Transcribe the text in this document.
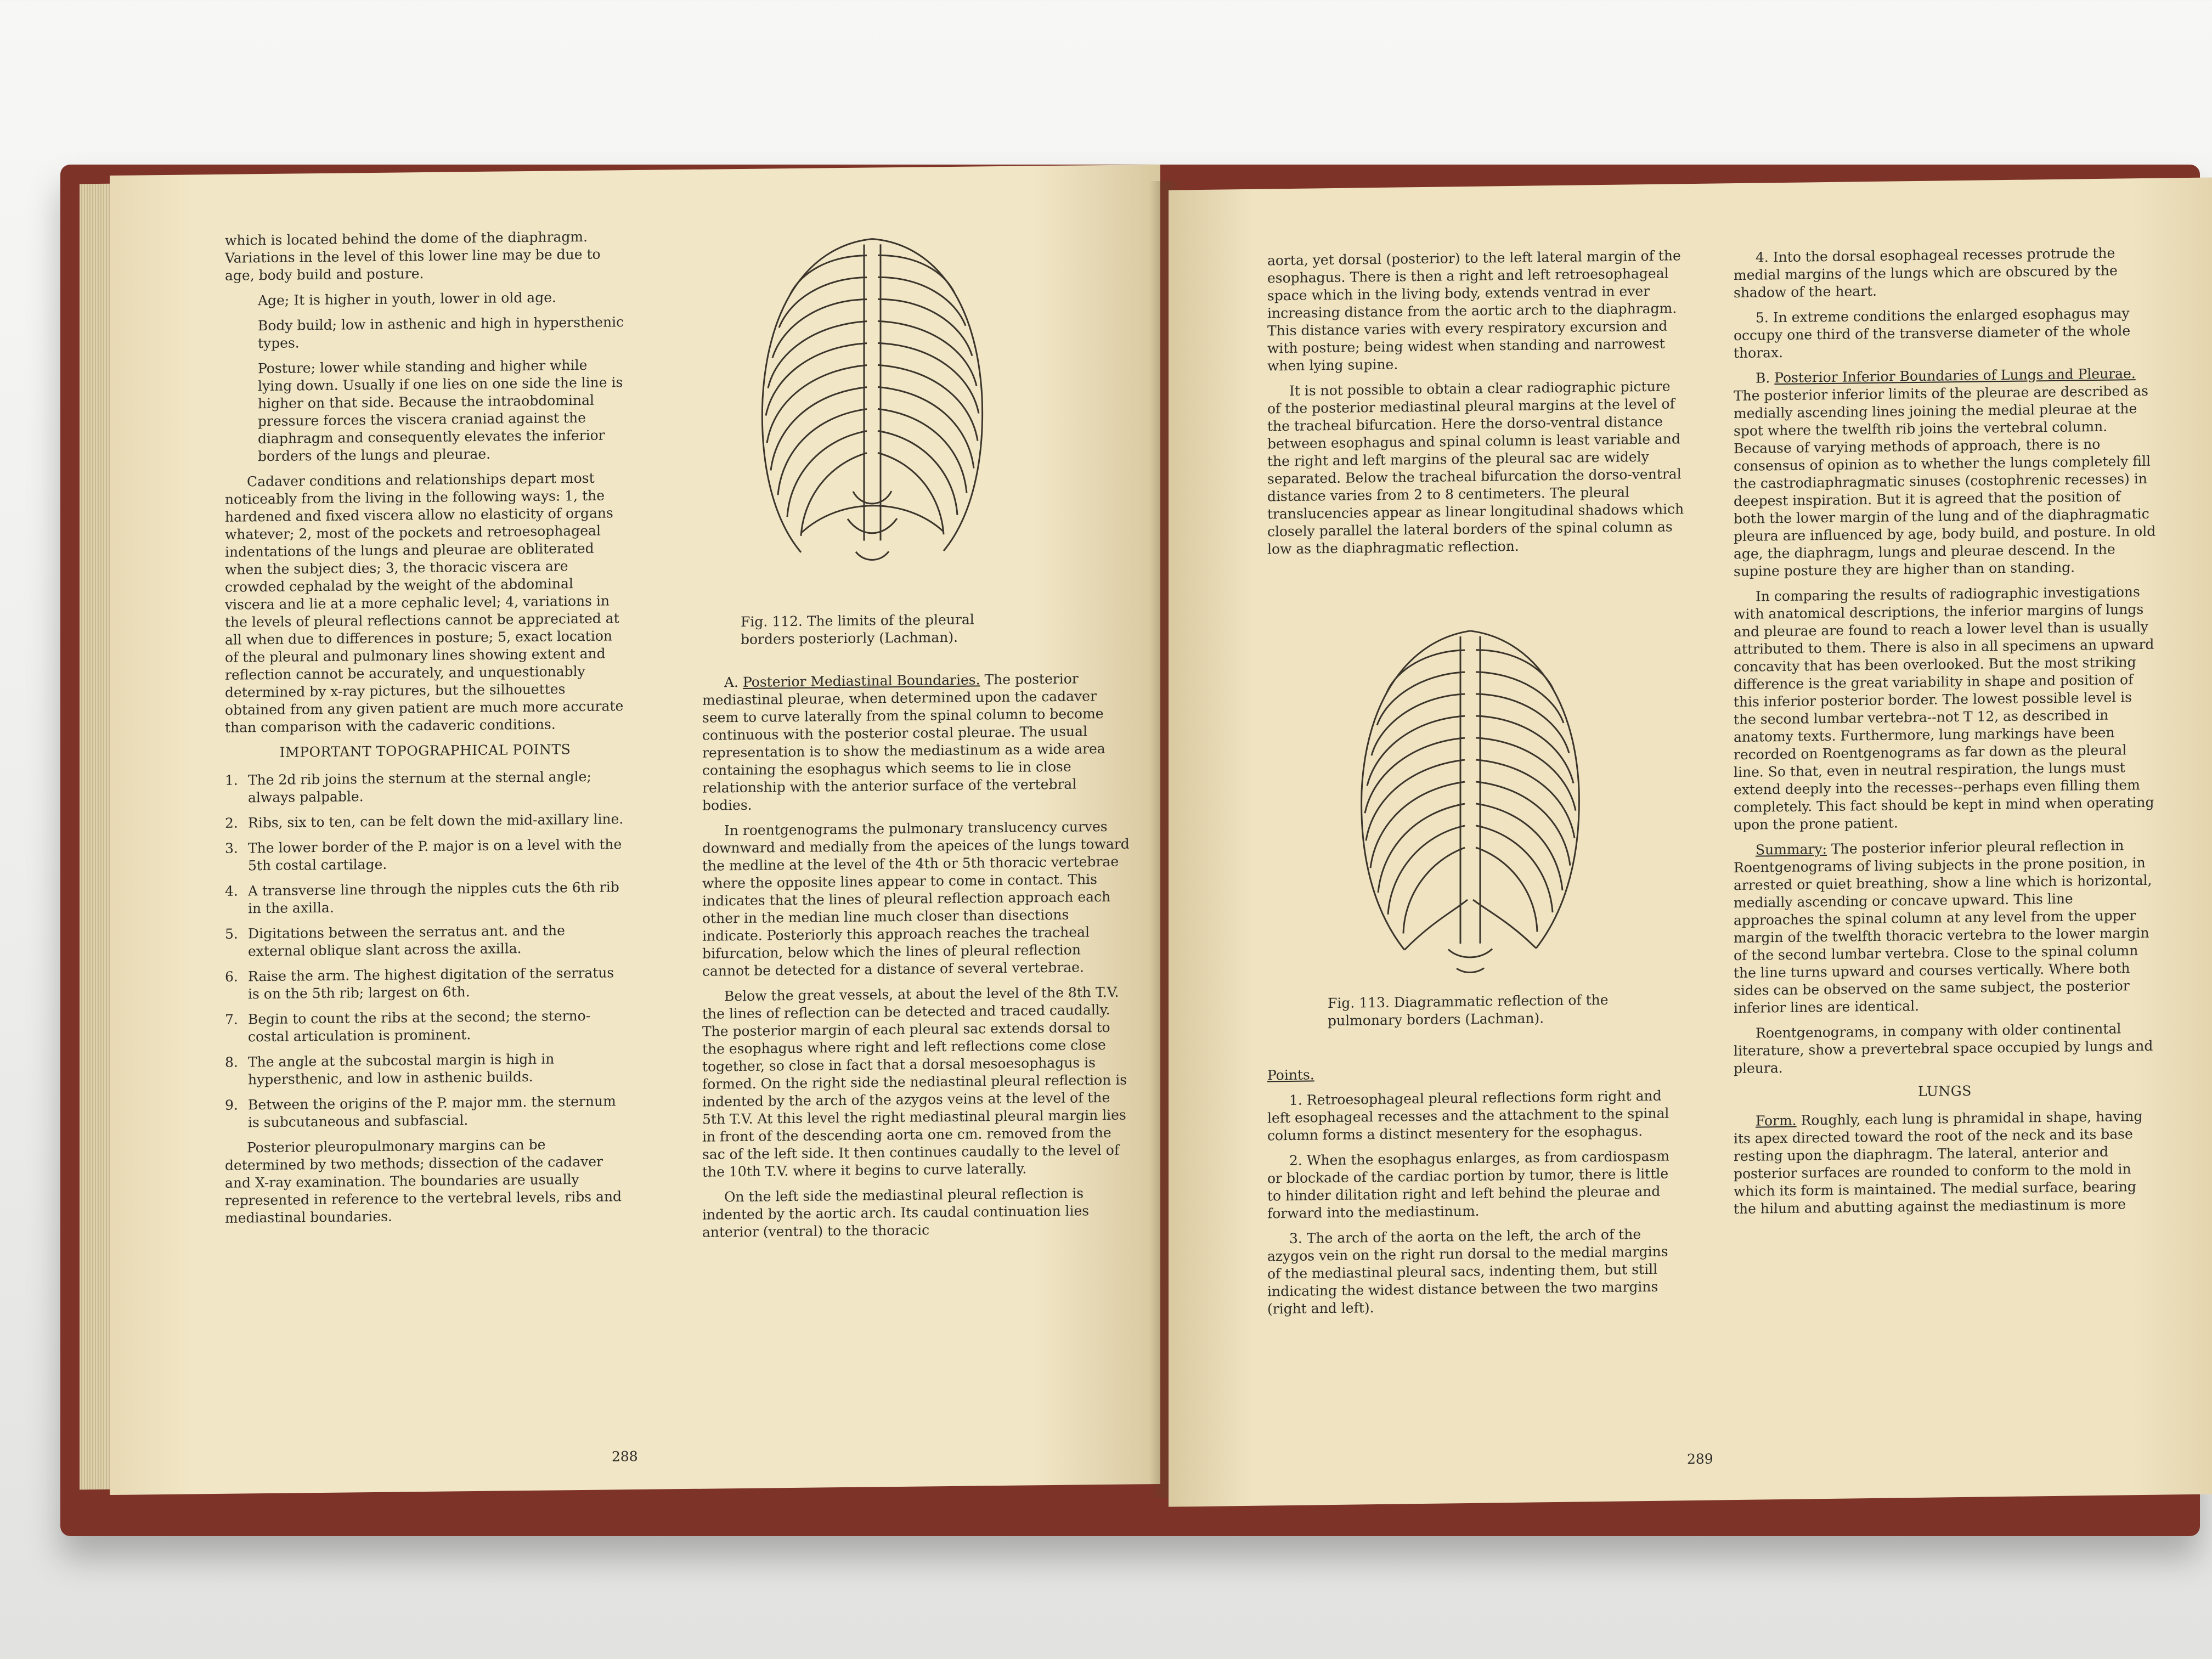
which is located behind the dome of the diaphragm. Variations in the level of this lower line may be due to age, body build and posture.

Age; It is higher in youth, lower in old age.

Body build; low in asthenic and high in hypersthenic types.

Posture; lower while standing and higher while lying down. Usually if one lies on one side the line is higher on that side. Because the intraobdominal pressure forces the viscera craniad against the diaphragm and consequently elevates the inferior borders of the lungs and pleurae.

Cadaver conditions and relationships depart most noticeably from the living in the following ways: 1, the hardened and fixed viscera allow no elasticity of organs whatever; 2, most of the pockets and retroesophageal indentations of the lungs and pleurae are obliterated when the subject dies; 3, the thoracic viscera are crowded cephalad by the weight of the abdominal viscera and lie at a more cephalic level; 4, variations in the levels of pleural reflections cannot be appreciated at all when due to differences in posture; 5, exact location of the pleural and pulmonary lines showing extent and reflection cannot be accurately, and unquestionably determined by x-ray pictures, but the silhouettes obtained from any given patient are much more accurate than comparison with the cadaveric conditions.

IMPORTANT TOPOGRAPHICAL POINTS
1. The 2d rib joins the sternum at the sternal angle; always palpable.
2. Ribs, six to ten, can be felt down the mid-axillary line.
3. The lower border of the P. major is on a level with the 5th costal cartilage.
4. A transverse line through the nipples cuts the 6th rib in the axilla.
5. Digitations between the serratus ant. and the external oblique slant across the axilla.
6. Raise the arm. The highest digitation of the serratus is on the 5th rib; largest on 6th.
7. Begin to count the ribs at the second; the sterno-costal articulation is prominent.
8. The angle at the subcostal margin is high in hypersthenic, and low in asthenic builds.
9. Between the origins of the P. major mm. the sternum is subcutaneous and subfascial.

Posterior pleuropulmonary margins can be determined by two methods; dissection of the cadaver and X-ray examination. The boundaries are usually represented in reference to the vertebral levels, ribs and mediastinal boundaries.

Fig. 112. The limits of the pleural borders posteriorly (Lachman).

A. Posterior Mediastinal Boundaries. The posterior mediastinal pleurae, when determined upon the cadaver seem to curve laterally from the spinal column to become continuous with the posterior costal pleurae. The usual representation is to show the mediastinum as a wide area containing the esophagus which seems to lie in close relationship with the anterior surface of the vertebral bodies.

In roentgenograms the pulmonary translucency curves downward and medially from the apeices of the lungs toward the medline at the level of the 4th or 5th thoracic vertebrae where the opposite lines appear to come in contact. This indicates that the lines of pleural reflection approach each other in the median line much closer than disections indicate. Posteriorly this approach reaches the tracheal bifurcation, below which the lines of pleural reflection cannot be detected for a distance of several vertebrae.

Below the great vessels, at about the level of the 8th T.V. the lines of reflection can be detected and traced caudally. The posterior margin of each pleural sac extends dorsal to the esophagus where right and left reflections come close together, so close in fact that a dorsal mesoesophagus is formed. On the right side the nediastinal pleural reflection is indented by the arch of the azygos veins at the level of the 5th T.V. At this level the right mediastinal pleural margin lies in front of the descending aorta one cm. removed from the sac of the left side. It then continues caudally to the level of the 10th T.V. where it begins to curve laterally.

On the left side the mediastinal pleural reflection is indented by the aortic arch. Its caudal continuation lies anterior (ventral) to the thoracic

288

aorta, yet dorsal (posterior) to the left lateral margin of the esophagus. There is then a right and left retroesophageal space which in the living body, extends ventrad in ever increasing distance from the aortic arch to the diaphragm. This distance varies with every respiratory excursion and with posture; being widest when standing and narrowest when lying supine.

It is not possible to obtain a clear radiographic picture of the posterior mediastinal pleural margins at the level of the tracheal bifurcation. Here the dorso-ventral distance between esophagus and spinal column is least variable and the right and left margins of the pleural sac are widely separated. Below the tracheal bifurcation the dorso-ventral distance varies from 2 to 8 centimeters. The pleural translucencies appear as linear longitudinal shadows which closely parallel the lateral borders of the spinal column as low as the diaphragmatic reflection.

Fig. 113. Diagrammatic reflection of the pulmonary borders (Lachman).

Points.

1. Retroesophageal pleural reflections form right and left esophageal recesses and the attachment to the spinal column forms a distinct mesentery for the esophagus.

2. When the esophagus enlarges, as from cardiospasm or blockade of the cardiac portion by tumor, there is little to hinder dilitation right and left behind the pleurae and forward into the mediastinum.

3. The arch of the aorta on the left, the arch of the azygos vein on the right run dorsal to the medial margins of the mediastinal pleural sacs, indenting them, but still indicating the widest distance between the two margins (right and left).

4. Into the dorsal esophageal recesses protrude the medial margins of the lungs which are obscured by the shadow of the heart.

5. In extreme conditions the enlarged esophagus may occupy one third of the transverse diameter of the whole thorax.

B. Posterior Inferior Boundaries of Lungs and Pleurae. The posterior inferior limits of the pleurae are described as medially ascending lines joining the medial pleurae at the spot where the twelfth rib joins the vertebral column. Because of varying methods of approach, there is no consensus of opinion as to whether the lungs completely fill the castrodiaphragmatic sinuses (costophrenic recesses) in deepest inspiration. But it is agreed that the position of both the lower margin of the lung and of the diaphragmatic pleura are influenced by age, body build, and posture. In old age, the diaphragm, lungs and pleurae descend. In the supine posture they are higher than on standing.

In comparing the results of radiographic investigations with anatomical descriptions, the inferior margins of lungs and pleurae are found to reach a lower level than is usually attributed to them. There is also in all specimens an upward concavity that has been overlooked. But the most striking difference is the great variability in shape and position of this inferior posterior border. The lowest possible level is the second lumbar vertebra--not T 12, as described in anatomy texts. Furthermore, lung markings have been recorded on Roentgenograms as far down as the pleural line. So that, even in neutral respiration, the lungs must extend deeply into the recesses--perhaps even filling them completely. This fact should be kept in mind when operating upon the prone patient.

Summary: The posterior inferior pleural reflection in Roentgenograms of living subjects in the prone position, in arrested or quiet breathing, show a line which is horizontal, medially ascending or concave upward. This line approaches the spinal column at any level from the upper margin of the twelfth thoracic vertebra to the lower margin of the second lumbar vertebra. Close to the spinal column the line turns upward and courses vertically. Where both sides can be observed on the same subject, the posterior inferior lines are identical.

Roentgenograms, in company with older continental literature, show a prevertebral space occupied by lungs and pleura.

LUNGS

Form. Roughly, each lung is phramidal in shape, having its apex directed toward the root of the neck and its base resting upon the diaphragm. The lateral, anterior and posterior surfaces are rounded to conform to the mold in which its form is maintained. The medial surface, bearing the hilum and abutting against the mediastinum is more

289
